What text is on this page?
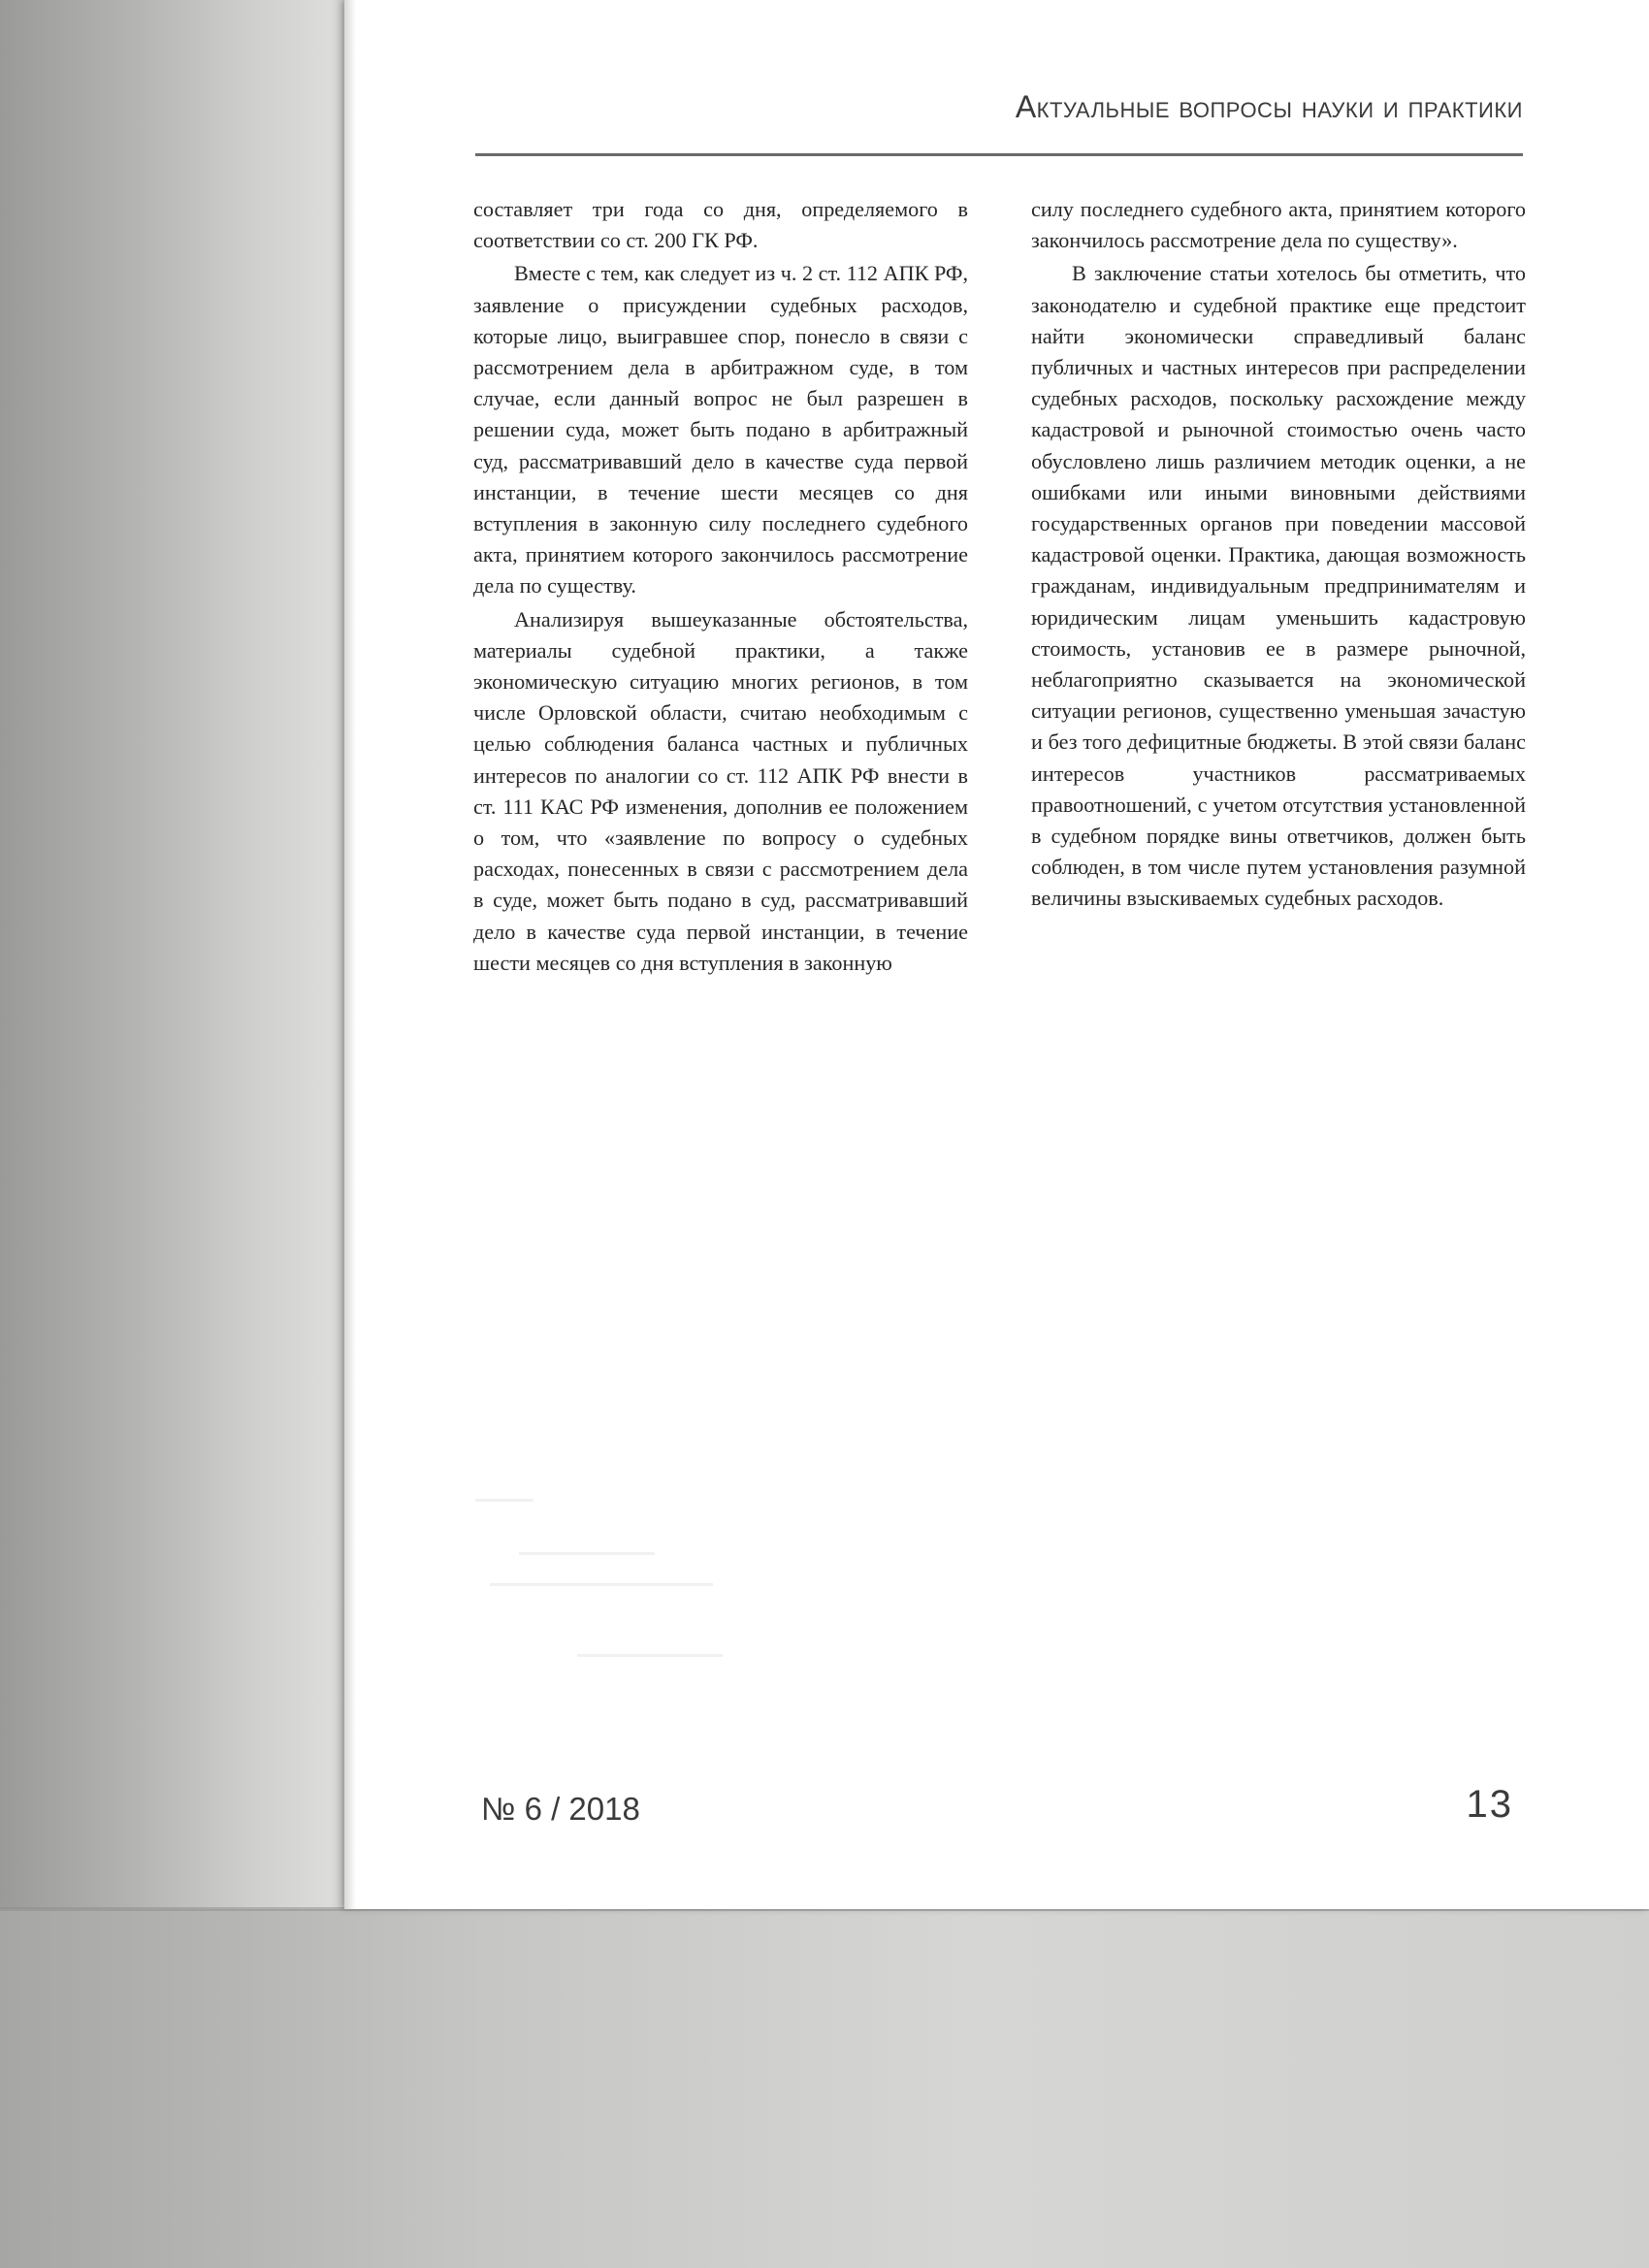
Актуальные вопросы науки и практики

составляет три года со дня, определяемого в соответствии со ст. 200 ГК РФ.

Вместе с тем, как следует из ч. 2 ст. 112 АПК РФ, заявление о присуждении судебных расходов, которые лицо, выигравшее спор, понесло в связи с рассмотрением дела в арбитражном суде, в том случае, если данный вопрос не был разрешен в решении суда, может быть подано в арбитражный суд, рассматривавший дело в качестве суда первой инстанции, в течение шести месяцев со дня вступления в законную силу последнего судебного акта, принятием которого закончилось рассмотрение дела по существу.

Анализируя вышеуказанные обстоятельства, материалы судебной практики, а также экономическую ситуацию многих регионов, в том числе Орловской области, считаю необходимым с целью соблюдения баланса частных и публичных интересов по аналогии со ст. 112 АПК РФ внести в ст. 111 КАС РФ изменения, дополнив ее положением о том, что «заявление по вопросу о судебных расходах, понесенных в связи с рассмотрением дела в суде, может быть подано в суд, рассматривавший дело в качестве суда первой инстанции, в течение шести месяцев со дня вступления в законную

силу последнего судебного акта, принятием которого закончилось рассмотрение дела по существу».

В заключение статьи хотелось бы отметить, что законодателю и судебной практике еще предстоит найти экономически справедливый баланс публичных и частных интересов при распределении судебных расходов, поскольку расхождение между кадастровой и рыночной стоимостью очень часто обусловлено лишь различием методик оценки, а не ошибками или иными виновными действиями государственных органов при поведении массовой кадастровой оценки. Практика, дающая возможность гражданам, индивидуальным предпринимателям и юридическим лицам уменьшить кадастровую стоимость, установив ее в размере рыночной, неблагоприятно сказывается на экономической ситуации регионов, существенно уменьшая зачастую и без того дефицитные бюджеты. В этой связи баланс интересов участников рассматриваемых правоотношений, с учетом отсутствия установленной в судебном порядке вины ответчиков, должен быть соблюден, в том числе путем установления разумной величины взыскиваемых судебных расходов.

№ 6 / 2018	13
